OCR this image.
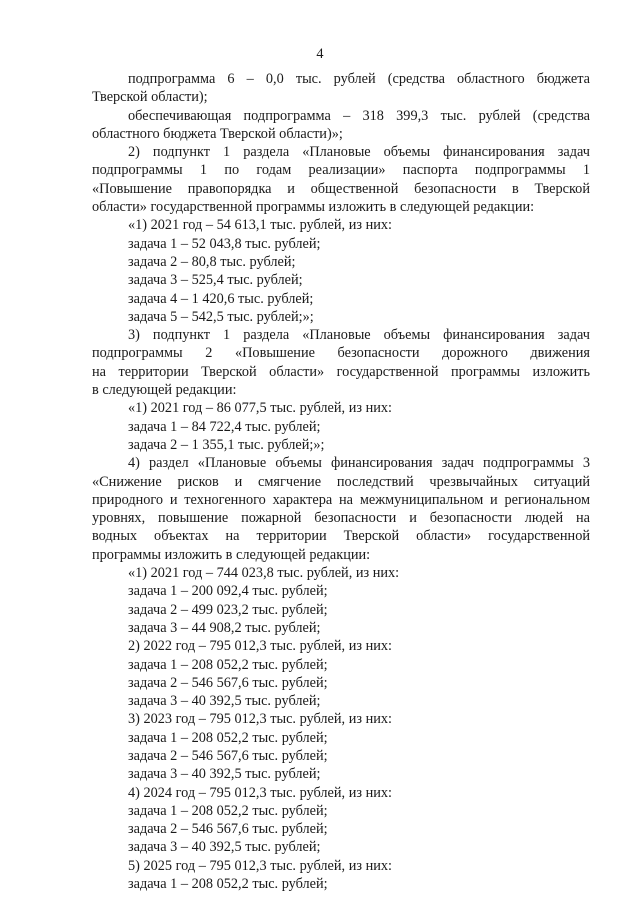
4
подпрограмма 6 – 0,0 тыс. рублей (средства областного бюджета
Тверской области);
обеспечивающая подпрограмма – 318 399,3 тыс. рублей (средства
областного бюджета Тверской области)»;
2) подпункт 1 раздела «Плановые объемы финансирования задач
подпрограммы 1 по годам реализации» паспорта подпрограммы 1
«Повышение правопорядка и общественной безопасности в Тверской
области» государственной программы изложить в следующей редакции:
«1) 2021 год – 54 613,1 тыс. рублей, из них:
задача 1 – 52 043,8 тыс. рублей;
задача 2 – 80,8 тыс. рублей;
задача 3 – 525,4 тыс. рублей;
задача 4 – 1 420,6 тыс. рублей;
задача 5 – 542,5 тыс. рублей;»;
3) подпункт 1 раздела «Плановые объемы финансирования задач
подпрограммы 2 «Повышение безопасности дорожного движения
на территории Тверской области» государственной программы изложить
в следующей редакции:
«1) 2021 год – 86 077,5 тыс. рублей, из них:
задача 1 – 84 722,4 тыс. рублей;
задача 2 – 1 355,1 тыс. рублей;»;
4) раздел «Плановые объемы финансирования задач подпрограммы 3
«Снижение рисков и смягчение последствий чрезвычайных ситуаций
природного и техногенного характера на межмуниципальном и региональном
уровнях, повышение пожарной безопасности и безопасности людей на
водных объектах на территории Тверской области» государственной
программы изложить в следующей редакции:
«1) 2021 год – 744 023,8 тыс. рублей, из них:
задача 1 – 200 092,4 тыс. рублей;
задача 2 – 499 023,2 тыс. рублей;
задача 3 – 44 908,2 тыс. рублей;
2) 2022 год – 795 012,3 тыс. рублей, из них:
задача 1 – 208 052,2 тыс. рублей;
задача 2 – 546 567,6 тыс. рублей;
задача 3 – 40 392,5 тыс. рублей;
3) 2023 год – 795 012,3 тыс. рублей, из них:
задача 1 – 208 052,2 тыс. рублей;
задача 2 – 546 567,6 тыс. рублей;
задача 3 – 40 392,5 тыс. рублей;
4) 2024 год – 795 012,3 тыс. рублей, из них:
задача 1 – 208 052,2 тыс. рублей;
задача 2 – 546 567,6 тыс. рублей;
задача 3 – 40 392,5 тыс. рублей;
5) 2025 год – 795 012,3 тыс. рублей, из них:
задача 1 – 208 052,2 тыс. рублей;
